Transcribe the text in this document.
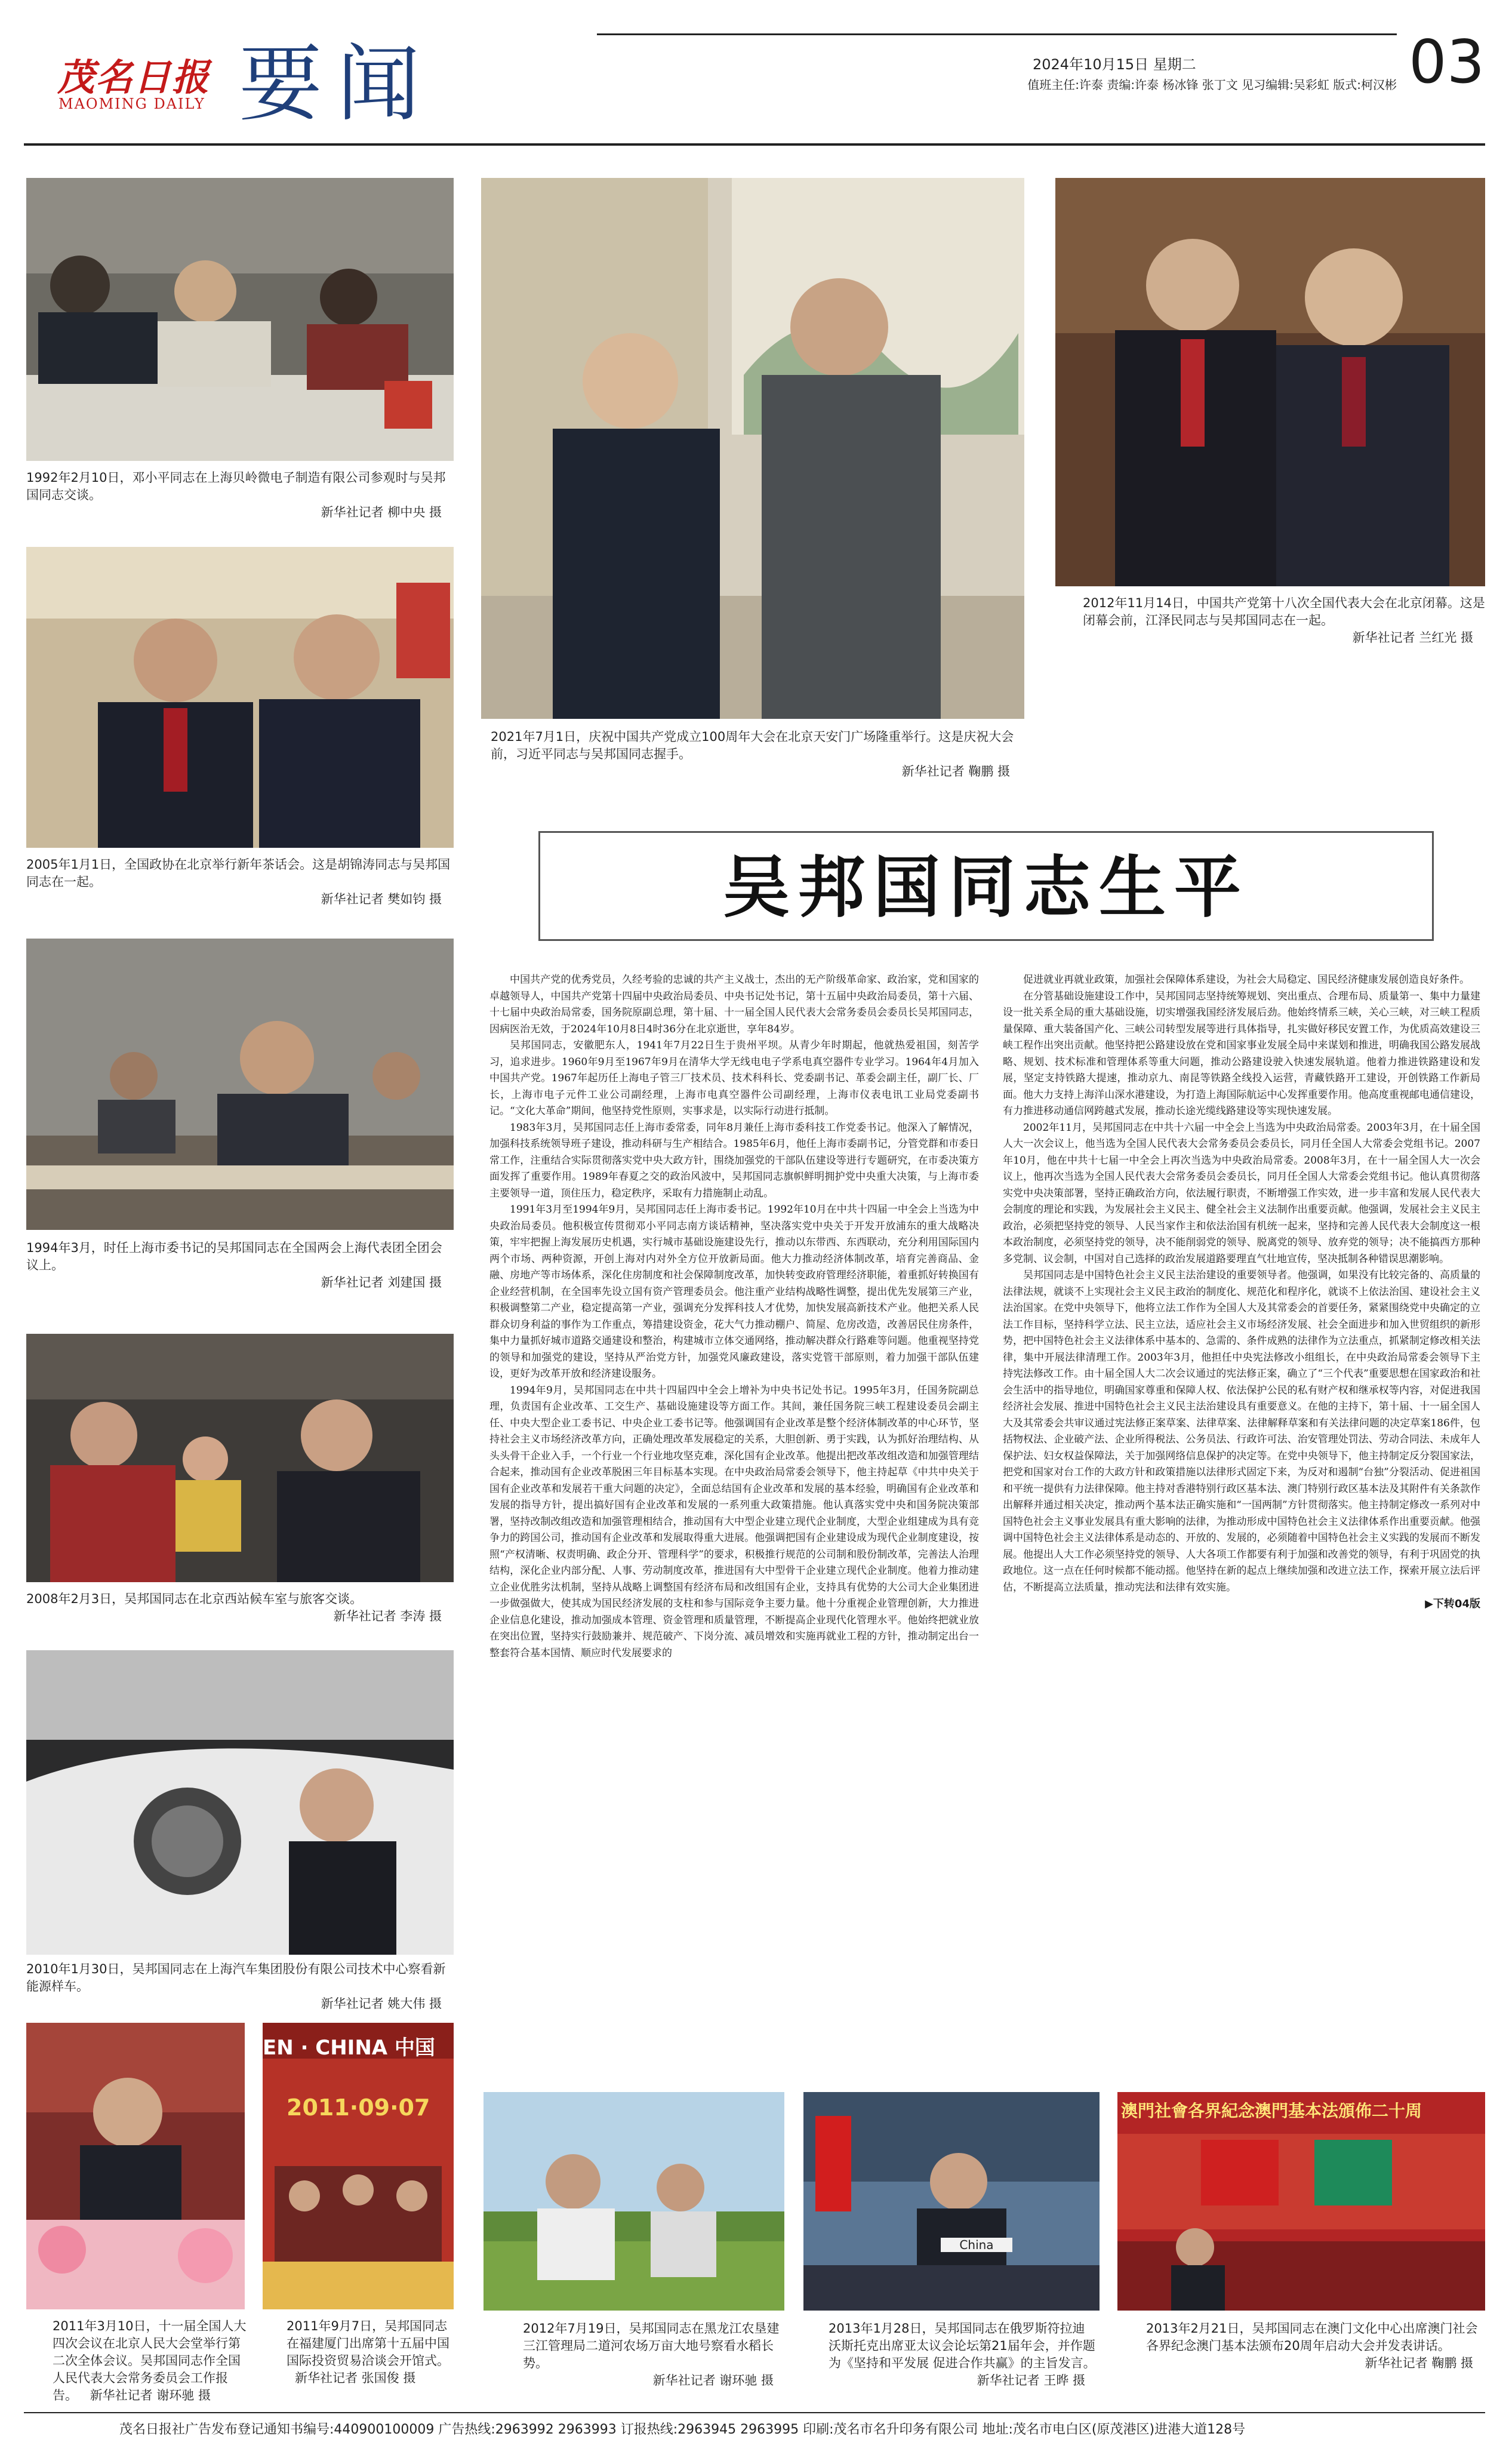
茂名日报
MAOMING DAILY 要闻	2024年10月15日 星期二
值班主任:许泰 责编:许泰 杨冰锋 张丁文 见习编辑:吴彩虹 版式:柯汉彬 03
1992年2月10日，邓小平同志在上海贝岭微电子制造有限公司参观时与吴邦国同志交谈。
新华社记者 柳中央 摄
2021年7月1日，庆祝中国共产党成立100周年大会在北京天安门广场隆重举行。这是庆祝大会前，习近平同志与吴邦国同志握手。
新华社记者 鞠鹏 摄
2012年11月14日，中国共产党第十八次全国代表大会在北京闭幕。这是闭幕会前，江泽民同志与吴邦国同志在一起。
新华社记者 兰红光 摄
2005年1月1日，全国政协在北京举行新年茶话会。这是胡锦涛同志与吴邦国同志在一起。
新华社记者 樊如钧 摄	吴邦国同志生平
1994年3月，时任上海市委书记的吴邦国同志在全国两会上海代表团全团会议上。
新华社记者 刘建国 摄
2008年2月3日，吴邦国同志在北京西站候车室与旅客交谈。
新华社记者 李涛 摄
2010年1月30日，吴邦国同志在上海汽车集团股份有限公司技术中心察看新能源样车。
新华社记者 姚大伟 摄
2011年3月10日，十一届全国人大四次会议在北京人民大会堂举行第二次全体会议。吴邦国同志作全国人民代表大会常务委员会工作报告。 新华社记者 谢环驰 摄
EN · CHINA 中国
2011·09·07
2011年9月7日，吴邦国同志在福建厦门出席第十五届中国国际投资贸易洽谈会开馆式。 新华社记者 张国俊 摄

中国共产党的优秀党员，久经考验的忠诚的共产主义战士，杰出的无产阶级革命家、政治家，党和国家的卓越领导人，中国共产党第十四届中央政治局委员、中央书记处书记，第十五届中央政治局委员，第十六届、十七届中央政治局常委，国务院原副总理，第十届、十一届全国人民代表大会常务委员会委员长吴邦国同志，因病医治无效，于2024年10月8日4时36分在北京逝世，享年84岁。

吴邦国同志，安徽肥东人，1941年7月22日生于贵州平坝。从青少年时期起，他就热爱祖国，刻苦学习，追求进步。1960年9月至1967年9月在清华大学无线电电子学系电真空器件专业学习。1964年4月加入中国共产党。1967年起历任上海电子管三厂技术员、技术科科长、党委副书记、革委会副主任，副厂长、厂长，上海市电子元件工业公司副经理，上海市电真空器件公司副经理，上海市仪表电讯工业局党委副书记。“文化大革命”期间，他坚持党性原则，实事求是，以实际行动进行抵制。

1983年3月，吴邦国同志任上海市委常委，同年8月兼任上海市委科技工作党委书记。他深入了解情况，加强科技系统领导班子建设，推动科研与生产相结合。1985年6月，他任上海市委副书记，分管党群和市委日常工作，注重结合实际贯彻落实党中央大政方针，围绕加强党的干部队伍建设等进行专题研究，在市委决策方面发挥了重要作用。1989年春夏之交的政治风波中，吴邦国同志旗帜鲜明拥护党中央重大决策，与上海市委主要领导一道，顶住压力，稳定秩序，采取有力措施制止动乱。

1991年3月至1994年9月，吴邦国同志任上海市委书记。1992年10月在中共十四届一中全会上当选为中央政治局委员。他积极宣传贯彻邓小平同志南方谈话精神，坚决落实党中央关于开发开放浦东的重大战略决策，牢牢把握上海发展历史机遇，实行城市基础设施建设先行，推动以东带西、东西联动，充分利用国际国内两个市场、两种资源，开创上海对内对外全方位开放新局面。他大力推动经济体制改革，培育完善商品、金融、房地产等市场体系，深化住房制度和社会保障制度改革，加快转变政府管理经济职能，着重抓好转换国有企业经营机制，在全国率先设立国有资产管理委员会。他注重产业结构战略性调整，提出优先发展第三产业，积极调整第二产业，稳定提高第一产业，强调充分发挥科技人才优势，加快发展高新技术产业。他把关系人民群众切身利益的事作为工作重点，筹措建设资金，花大气力推动棚户、简屋、危房改造，改善居民住房条件，集中力量抓好城市道路交通建设和整治，构建城市立体交通网络，推动解决群众行路难等问题。他重视坚持党的领导和加强党的建设，坚持从严治党方针，加强党风廉政建设，落实党管干部原则，着力加强干部队伍建设，更好为改革开放和经济建设服务。

1994年9月，吴邦国同志在中共十四届四中全会上增补为中央书记处书记。1995年3月，任国务院副总理，负责国有企业改革、工交生产、基础设施建设等方面工作。其间，兼任国务院三峡工程建设委员会副主任、中央大型企业工委书记、中央企业工委书记等。他强调国有企业改革是整个经济体制改革的中心环节，坚持社会主义市场经济改革方向，正确处理改革发展稳定的关系，大胆创新、勇于实践，认为抓好治理结构、从头头骨干企业入手，一个行业一个行业地攻坚克难，深化国有企业改革。他提出把改革改组改造和加强管理结合起来，推动国有企业改革脱困三年目标基本实现。在中央政治局常委会领导下，他主持起草《中共中央关于国有企业改革和发展若干重大问题的决定》，全面总结国有企业改革和发展的基本经验，明确国有企业改革和发展的指导方针，提出搞好国有企业改革和发展的一系列重大政策措施。他认真落实党中央和国务院决策部署，坚持改制改组改造和加强管理相结合，推动国有大中型企业建立现代企业制度，大型企业组建成为具有竞争力的跨国公司，推动国有企业改革和发展取得重大进展。他强调把国有企业建设成为现代企业制度建设，按照“产权清晰、权责明确、政企分开、管理科学”的要求，积极推行规范的公司制和股份制改革，完善法人治理结构，深化企业内部分配、人事、劳动制度改革，推进国有大中型骨干企业建立现代企业制度。他着力推动建立企业优胜劣汰机制，坚持从战略上调整国有经济布局和改组国有企业，支持具有优势的大公司大企业集团进一步做强做大，使其成为国民经济发展的支柱和参与国际竞争主要力量。他十分重视企业管理创新，大力推进企业信息化建设，推动加强成本管理、资金管理和质量管理，不断提高企业现代化管理水平。他始终把就业放在突出位置，坚持实行鼓励兼并、规范破产、下岗分流、减员增效和实施再就业工程的方针，推动制定出台一整套符合基本国情、顺应时代发展要求的

促进就业再就业政策，加强社会保障体系建设，为社会大局稳定、国民经济健康发展创造良好条件。

在分管基础设施建设工作中，吴邦国同志坚持统筹规划、突出重点、合理布局、质量第一、集中力量建设一批关系全局的重大基础设施，切实增强我国经济发展后劲。他始终情系三峡，关心三峡，对三峡工程质量保障、重大装备国产化、三峡公司转型发展等进行具体指导，扎实做好移民安置工作，为优质高效建设三峡工程作出突出贡献。他坚持把公路建设放在党和国家事业发展全局中来谋划和推进，明确我国公路发展战略、规划、技术标准和管理体系等重大问题，推动公路建设驶入快速发展轨道。他着力推进铁路建设和发展，坚定支持铁路大提速，推动京九、南昆等铁路全线投入运营，青藏铁路开工建设，开创铁路工作新局面。他大力支持上海洋山深水港建设，为打造上海国际航运中心发挥重要作用。他高度重视邮电通信建设，有力推进移动通信网跨越式发展，推动长途光缆线路建设等实现快速发展。

2002年11月，吴邦国同志在中共十六届一中全会上当选为中央政治局常委。2003年3月，在十届全国人大一次会议上，他当选为全国人民代表大会常务委员会委员长，同月任全国人大常委会党组书记。2007年10月，他在中共十七届一中全会上再次当选为中央政治局常委。2008年3月，在十一届全国人大一次会议上，他再次当选为全国人民代表大会常务委员会委员长，同月任全国人大常委会党组书记。他认真贯彻落实党中央决策部署，坚持正确政治方向，依法履行职责，不断增强工作实效，进一步丰富和发展人民代表大会制度的理论和实践，为发展社会主义民主、健全社会主义法制作出重要贡献。他强调，发展社会主义民主政治，必须把坚持党的领导、人民当家作主和依法治国有机统一起来，坚持和完善人民代表大会制度这一根本政治制度，必须坚持党的领导，决不能削弱党的领导、脱离党的领导、放弃党的领导；决不能搞西方那种多党制、议会制，中国对自己选择的政治发展道路要理直气壮地宣传，坚决抵制各种错误思潮影响。

吴邦国同志是中国特色社会主义民主法治建设的重要领导者。他强调，如果没有比较完备的、高质量的法律法规，就谈不上实现社会主义民主政治的制度化、规范化和程序化，就谈不上依法治国、建设社会主义法治国家。在党中央领导下，他将立法工作作为全国人大及其常委会的首要任务，紧紧围绕党中央确定的立法工作目标，坚持科学立法、民主立法，适应社会主义市场经济发展、社会全面进步和加入世贸组织的新形势，把中国特色社会主义法律体系中基本的、急需的、条件成熟的法律作为立法重点，抓紧制定修改相关法律，集中开展法律清理工作。2003年3月，他担任中央宪法修改小组组长，在中央政治局常委会领导下主持宪法修改工作。由十届全国人大二次会议通过的宪法修正案，确立了“三个代表”重要思想在国家政治和社会生活中的指导地位，明确国家尊重和保障人权、依法保护公民的私有财产权和继承权等内容，对促进我国经济社会发展、推进中国特色社会主义民主法治建设具有重要意义。在他的主持下，第十届、十一届全国人大及其常委会共审议通过宪法修正案草案、法律草案、法律解释草案和有关法律问题的决定草案186件，包括物权法、企业破产法、企业所得税法、公务员法、行政许可法、治安管理处罚法、劳动合同法、未成年人保护法、妇女权益保障法，关于加强网络信息保护的决定等。在党中央领导下，他主持制定反分裂国家法，把党和国家对台工作的大政方针和政策措施以法律形式固定下来，为反对和遏制“台独”分裂活动、促进祖国和平统一提供有力法律保障。他主持对香港特别行政区基本法、澳门特别行政区基本法及其附件有关条款作出解释并通过相关决定，推动两个基本法正确实施和“一国两制”方针贯彻落实。他主持制定修改一系列对中国特色社会主义事业发展具有重大影响的法律，为推动形成中国特色社会主义法律体系作出重要贡献。他强调中国特色社会主义法律体系是动态的、开放的、发展的，必须随着中国特色社会主义实践的发展而不断发展。他提出人大工作必须坚持党的领导、人大各项工作都要有利于加强和改善党的领导，有利于巩固党的执政地位。这一点在任何时候都不能动摇。他坚持在新的起点上继续加强和改进立法工作，探索开展立法后评估，不断提高立法质量，推动宪法和法律有效实施。

▶下转04版
2012年7月19日，吴邦国同志在黑龙江农垦建三江管理局二道河农场万亩大地号察看水稻长势。
新华社记者 谢环驰 摄
China
2013年1月28日，吴邦国同志在俄罗斯符拉迪沃斯托克出席亚太议会论坛第21届年会，并作题为《坚持和平发展 促进合作共赢》的主旨发言。
新华社记者 王晔 摄
澳門社會各界紀念澳門基本法頒佈二十周
2013年2月21日，吴邦国同志在澳门文化中心出席澳门社会各界纪念澳门基本法颁布20周年启动大会并发表讲话。
新华社记者 鞠鹏 摄
茂名日报社广告发布登记通知书编号:440900100009 广告热线:2963992 2963993 订报热线:2963945 2963995 印刷:茂名市名升印务有限公司 地址:茂名市电白区(原茂港区)进港大道128号
